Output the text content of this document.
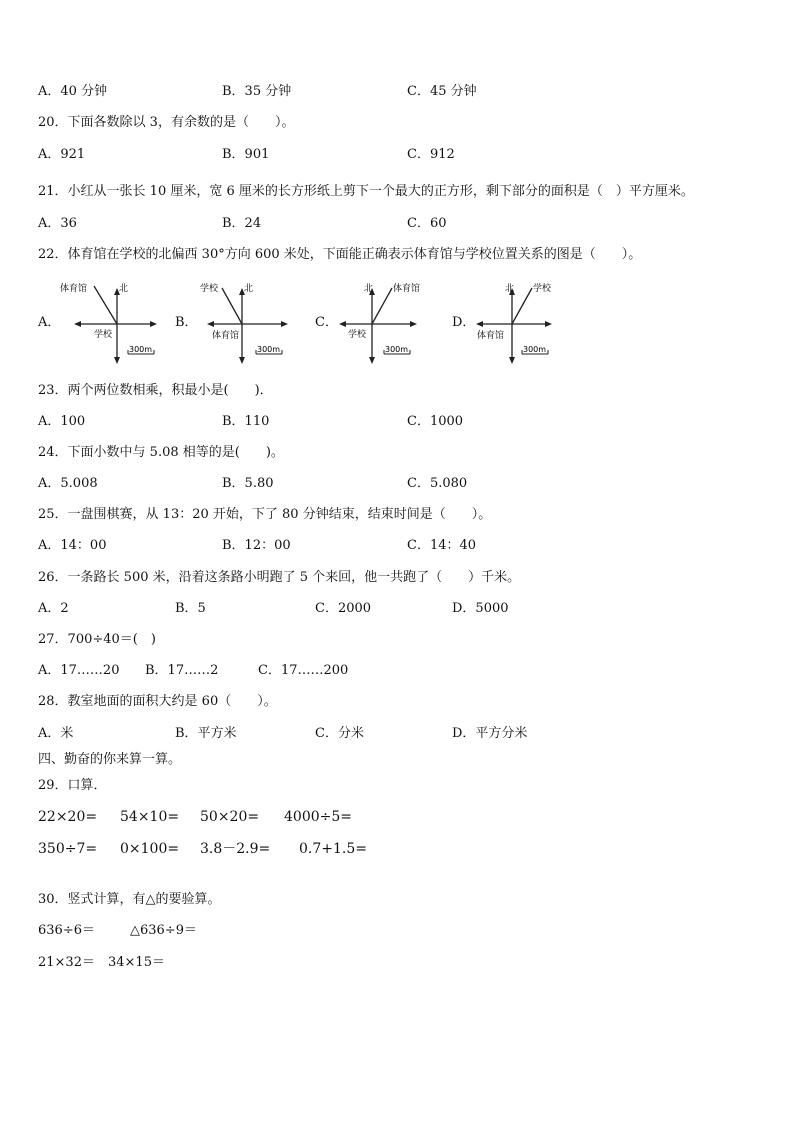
A．40 分钟	B．35 分钟	C．45 分钟
20．下面各数除以 3，有余数的是（　　）。
A．921	B．901	C．912
21．小红从一张长 10 厘米，宽 6 厘米的长方形纸上剪下一个最大的正方形，剩下部分的面积是（　）平方厘米。
A．36	B．24	C．60
22．体育馆在学校的北偏西 30°方向 600 米处，下面能正确表示体育馆与学校位置关系的图是（　　）。
A．
北
体育馆
学校
300m
B．
北
学校
体育馆
300m
C．
北 体育馆
学校
300m
D．
北 学校
体育馆
300m
23．两个两位数相乘，积最小是(　　)．
A．100	B．110	C．1000
24．下面小数中与 5.08 相等的是(　　)。
A．5.008	B．5.80	C．5.080
25．一盘围棋赛，从 13：20 开始，下了 80 分钟结束，结束时间是（　　）。
A．14：00	B．12：00	C．14：40
26．一条路长 500 米，沿着这条路小明跑了 5 个来回，他一共跑了（　　）千米。
A．2	B．5	C．2000	D．5000
27．700÷40＝(　)
A．17……20 B．17……2	C．17……200
28．教室地面的面积大约是 60（　　）。
A．米	B．平方米	C．分米	D．平方分米
四、勤奋的你来算一算。
29．口算．
22×20= 54×10= 50×20= 4000÷5=
350÷7= 0×100= 3.8－2.9= 0.7+1.5=
30．竖式计算，有△的要验算。
636÷6＝	△636÷9＝
21×32＝ 34×15＝
